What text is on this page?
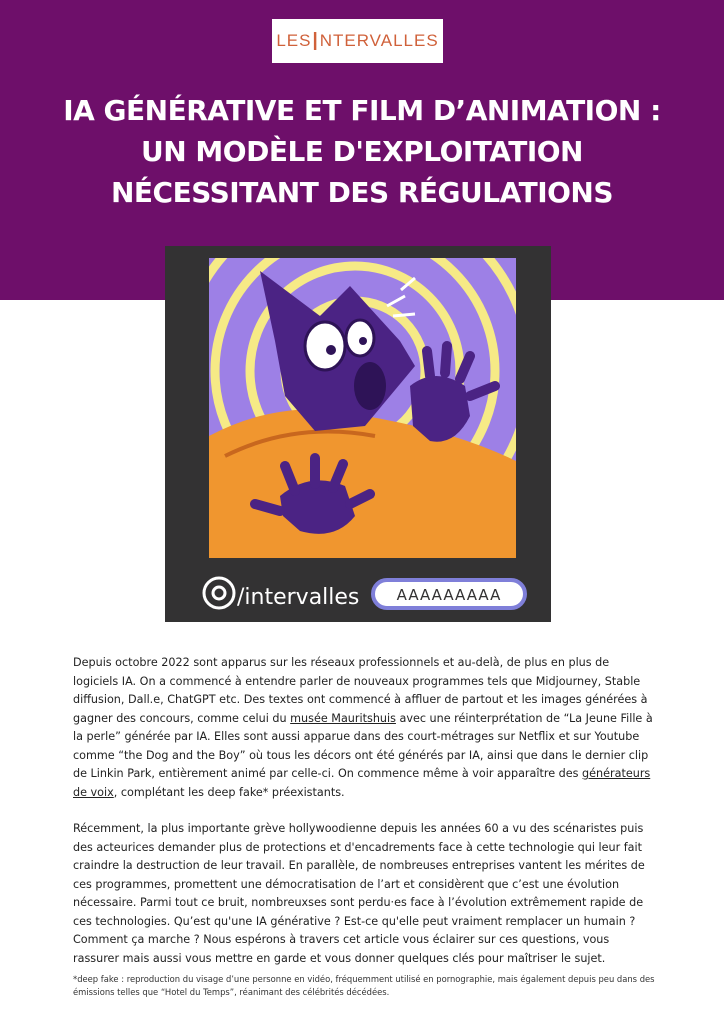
LES I NTERVALLES
IA GÉNÉRATIVE ET FILM D’ANIMATION :
UN MODÈLE D'EXPLOITATION
NÉCESSITANT DES RÉGULATIONS
/intervalles AAAAAAAAA

Depuis octobre 2022 sont apparus sur les réseaux professionnels et au-delà, de plus en plus de logiciels IA. On a commencé à entendre parler de nouveaux programmes tels que Midjourney, Stable diffusion, Dall.e, ChatGPT etc. Des textes ont commencé à affluer de partout et les images générées à gagner des concours, comme celui du musée Mauritshuis avec une réinterprétation de “La Jeune Fille à la perle” générée par IA. Elles sont aussi apparue dans des court-métrages sur Netflix et sur Youtube comme “the Dog and the Boy” où tous les décors ont été générés par IA, ainsi que dans le dernier clip de Linkin Park, entièrement animé par celle-ci. On commence même à voir apparaître des générateurs de voix, complétant les deep fake* préexistants.

Récemment, la plus importante grève hollywoodienne depuis les années 60 a vu des scénaristes puis des acteurices demander plus de protections et d'encadrements face à cette technologie qui leur fait craindre la destruction de leur travail. En parallèle, de nombreuses entreprises vantent les mérites de ces programmes, promettent une démocratisation de l’art et considèrent que c’est une évolution nécessaire. Parmi tout ce bruit, nombreuxses sont perdu·es face à l’évolution extrêmement rapide de ces technologies. Qu’est qu'une IA générative ? Est-ce qu'elle peut vraiment remplacer un humain ? Comment ça marche ? Nous espérons à travers cet article vous éclairer sur ces questions, vous rassurer mais aussi vous mettre en garde et vous donner quelques clés pour maîtriser le sujet.

*deep fake : reproduction du visage d’une personne en vidéo, fréquemment utilisé en pornographie, mais également depuis peu dans des émissions telles que “Hotel du Temps”, réanimant des célébrités décédées.
